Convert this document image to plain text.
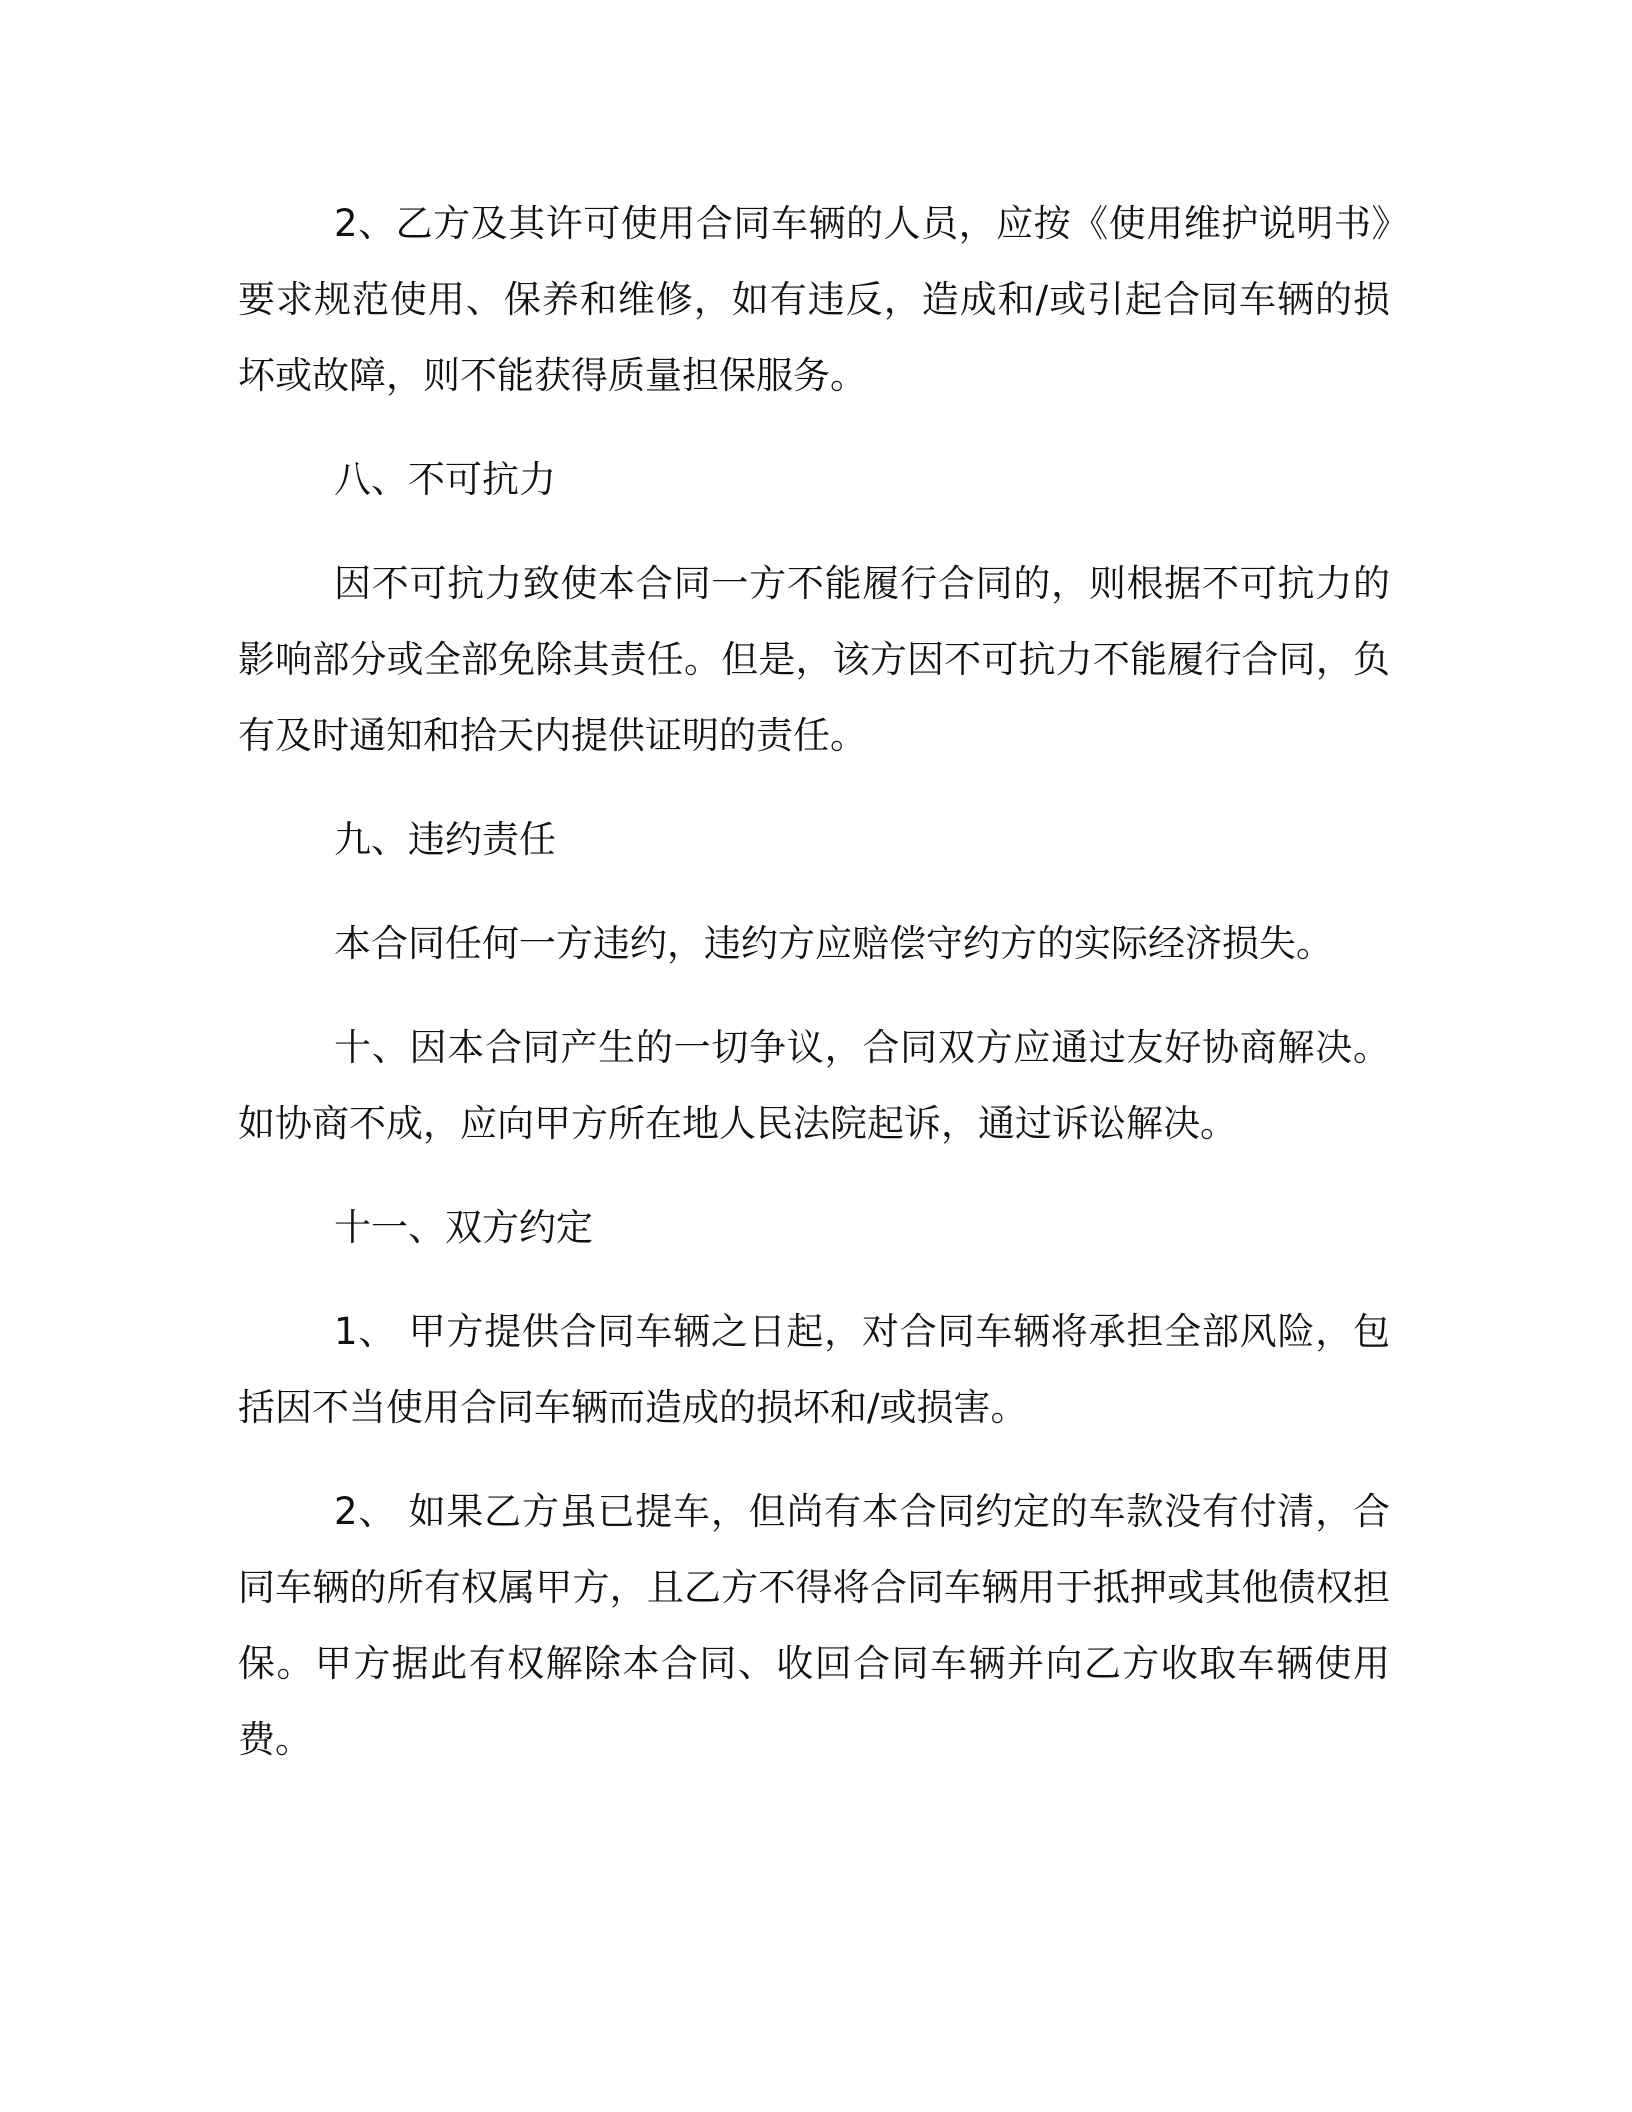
2、乙方及其许可使用合同车辆的人员，应按《使用维护说明书》要求规范使用、保养和维修，如有违反，造成和/或引起合同车辆的损坏或故障，则不能获得质量担保服务。

八、不可抗力

因不可抗力致使本合同一方不能履行合同的，则根据不可抗力的影响部分或全部免除其责任。但是，该方因不可抗力不能履行合同，负有及时通知和拾天内提供证明的责任。

九、违约责任

本合同任何一方违约，违约方应赔偿守约方的实际经济损失。

十、因本合同产生的一切争议，合同双方应通过友好协商解决。如协商不成，应向甲方所在地人民法院起诉，通过诉讼解决。

十一、双方约定

1、 甲方提供合同车辆之日起，对合同车辆将承担全部风险，包括因不当使用合同车辆而造成的损坏和/或损害。

2、 如果乙方虽已提车，但尚有本合同约定的车款没有付清，合同车辆的所有权属甲方，且乙方不得将合同车辆用于抵押或其他债权担保。甲方据此有权解除本合同、收回合同车辆并向乙方收取车辆使用费。
